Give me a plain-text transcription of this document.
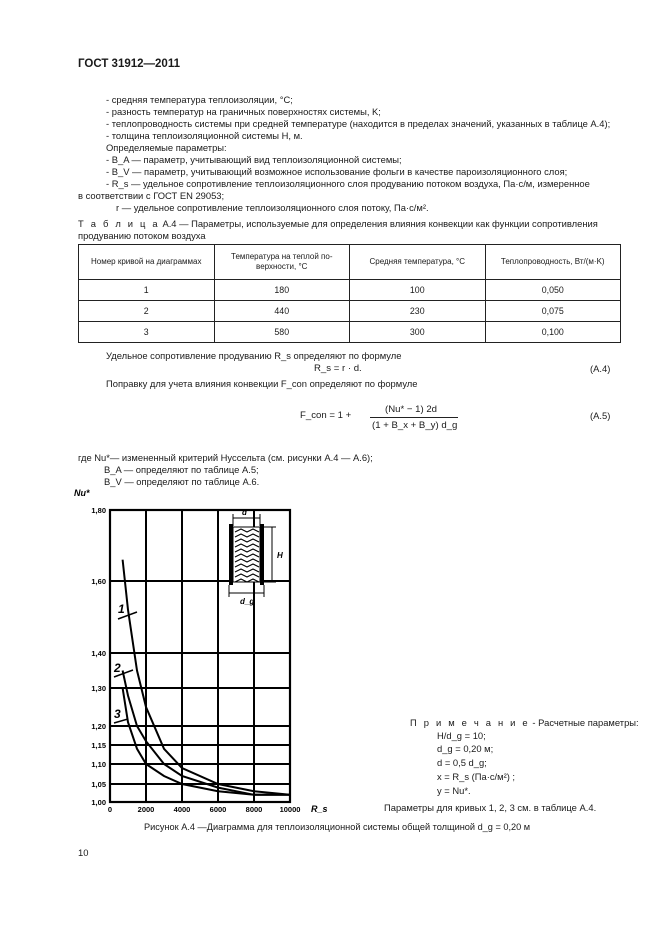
ГОСТ 31912—2011
- средняя температура теплоизоляции, °С;
- разность температур на граничных поверхностях системы, K;
- теплопроводность системы при средней температуре (находится в пределах значений, указанных в таблице А.4);
- толщина теплоизоляционной системы H, м.
Определяемые параметры:
- B_A — параметр, учитывающий вид теплоизоляционной системы;
- B_V — параметр, учитывающий возможное использование фольги в качестве пароизоляционного слоя;
- R_s — удельное сопротивление теплоизоляционного слоя продуванию потоком воздуха, Па·с/м, измеренное
в соответствии с ГОСТ EN 29053;
r — удельное сопротивление теплоизоляционного слоя потоку, Па·с/м².
Т а б л и ц а А.4 — Параметры, используемые для определения влияния конвекции как функции сопротивления
продуванию потоком воздуха
Номер кривой на диаграммах	Температура на теплой по-
верхности, °С	Средняя температура, °С	Теплопроводность, Вт/(м·K)
1	180	100	0,050
2	440	230	0,075
3	580	300	0,100
Удельное сопротивление продуванию R_s определяют по формуле
R_s = r · d.	(А.4)
Поправку для учета влияния конвекции F_con определяют по формуле
F_con = 1 +
(Nu* − 1) 2d
(1 + B_x + B_y) d_g
(А.5)
где Nu*— измененный критерий Нуссельта (см. рисунки А.4 — А.6);
B_A — определяют по таблице А.5;
B_V — определяют по таблице А.6.
1,00
1,05
1,10
1,15
1,20
1,30
1,40
1,60
1,80
0	2000	4000	6000	8000 10000
1
2
3
Nu*
R_s
d
H
d_g
П р и м е ч а н и е - Расчетные параметры:
H/d_g = 10;
d_g = 0,20 м;
d = 0,5 d_g;
x = R_s (Па·с/м²) ;
y = Nu*.
Параметры для кривых 1, 2, 3 см. в таблице А.4.
Рисунок А.4 —Диаграмма для теплоизоляционной системы общей толщиной d_g = 0,20 м
10
